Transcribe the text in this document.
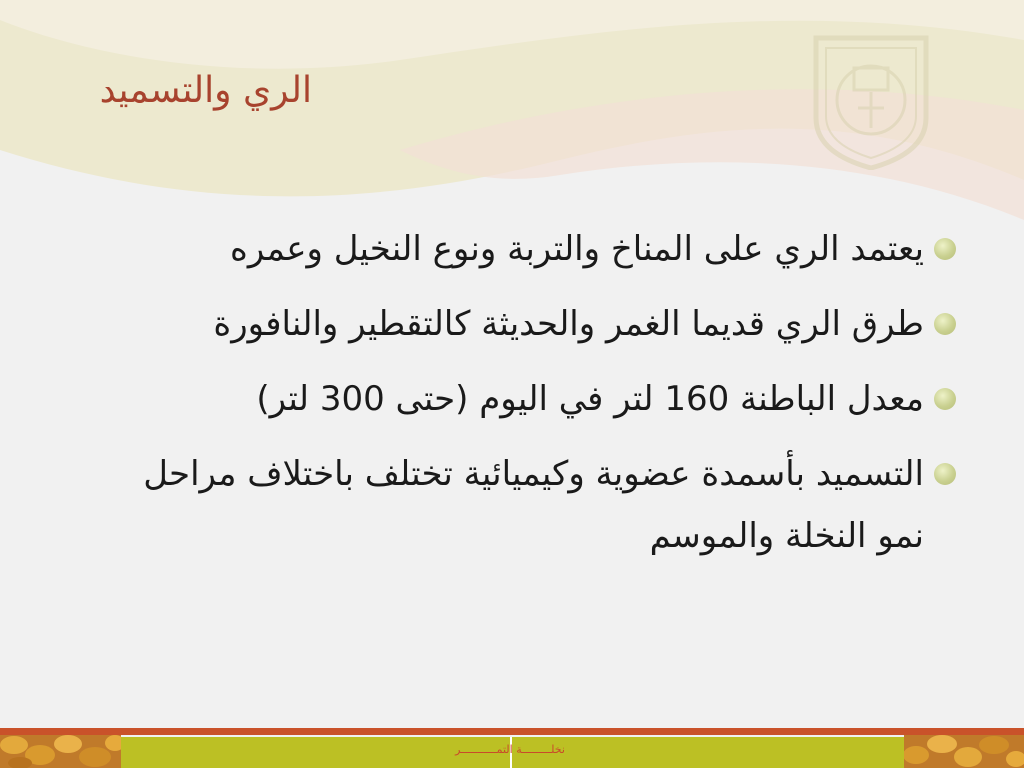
الري والتسميد
يعتمد الري على المناخ والتربة ونوع النخيل وعمره
طرق الري قديما الغمر والحديثة كالتقطير والنافورة
معدل الباطنة 160 لتر في اليوم (حتى 300 لتر)
التسميد بأسمدة عضوية وكيميائية تختلف باختلاف مراحل نمو النخلة والموسم
نخلـــــــــة التمـــــــــــر
